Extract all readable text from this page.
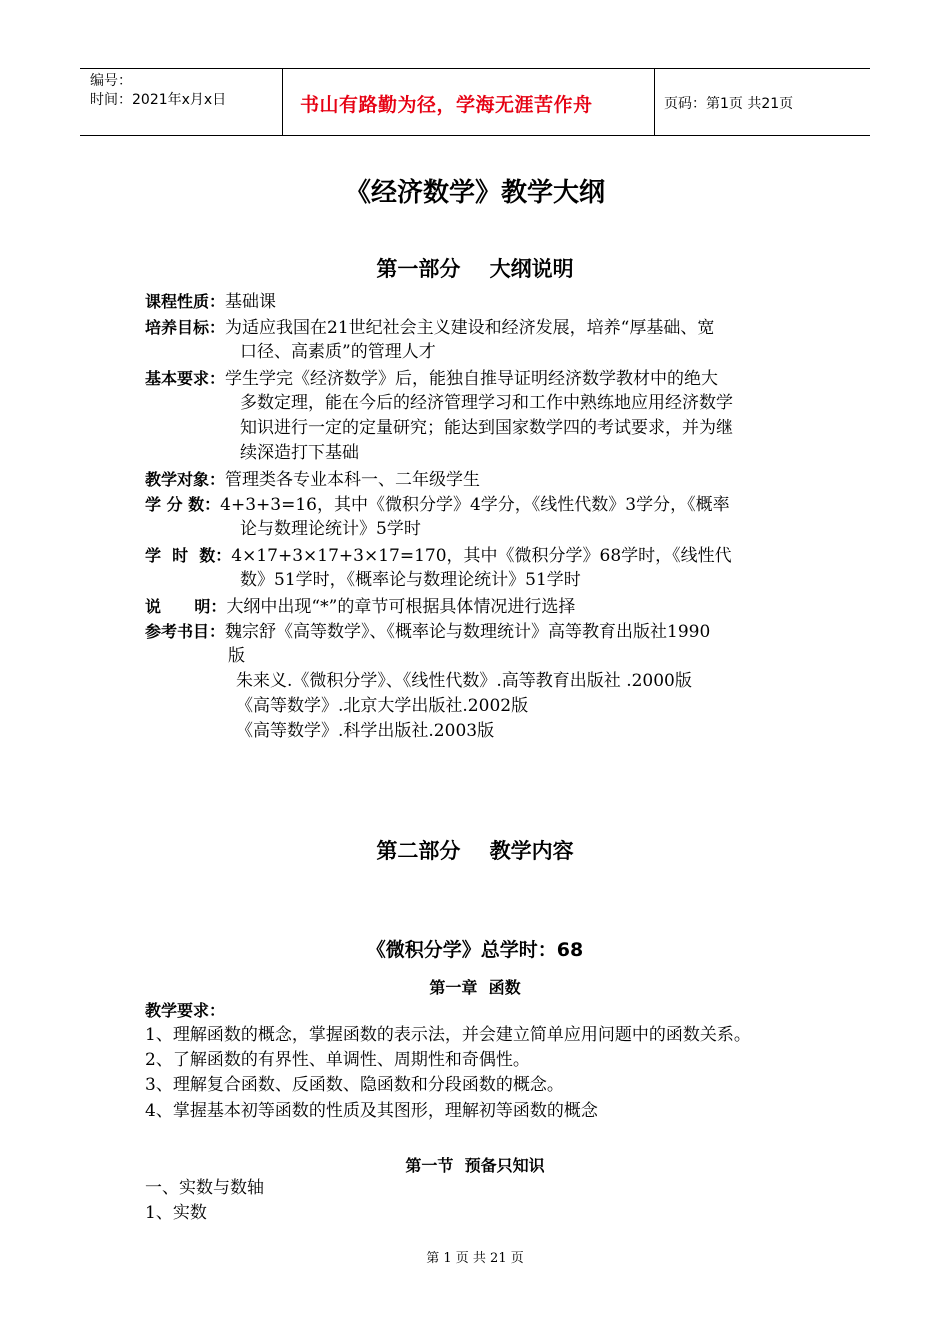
编号：
时间：2021年x月x日	书山有路勤为径，学海无涯苦作舟	页码：第1页 共21页
《经济数学》教学大纲
第一部分    大纲说明
课程性质：基础课
培养目标：为适应我国在21世纪社会主义建设和经济发展，培养“厚基础、宽
口径、高素质”的管理人才
基本要求：学生学完《经济数学》后，能独自推导证明经济数学教材中的绝大
多数定理，能在今后的经济管理学习和工作中熟练地应用经济数学
知识进行一定的定量研究；能达到国家数学四的考试要求，并为继
续深造打下基础
教学对象：管理类各专业本科一、二年级学生
学 分 数：4+3+3=16，其中《微积分学》4学分，《线性代数》3学分，《概率
论与数理论统计》5学时
学  时  数：4×17+3×17+3×17=170，其中《微积分学》68学时，《线性代
数》51学时，《概率论与数理论统计》51学时
说      明：大纲中出现“*”的章节可根据具体情况进行选择
参考书目：魏宗舒《高等数学》、《概率论与数理统计》高等教育出版社1990
版
朱来义.《微积分学》、《线性代数》.高等教育出版社 .2000版
《高等数学》.北京大学出版社.2002版
《高等数学》.科学出版社.2003版
第二部分    教学内容
《微积分学》总学时：68
第一章  函数
教学要求：
1、理解函数的概念，掌握函数的表示法，并会建立简单应用问题中的函数关系。
2、了解函数的有界性、单调性、周期性和奇偶性。
3、理解复合函数、反函数、隐函数和分段函数的概念。
4、掌握基本初等函数的性质及其图形，理解初等函数的概念
第一节  预备只知识
一、实数与数轴
1、实数
第 1 页 共 21 页
